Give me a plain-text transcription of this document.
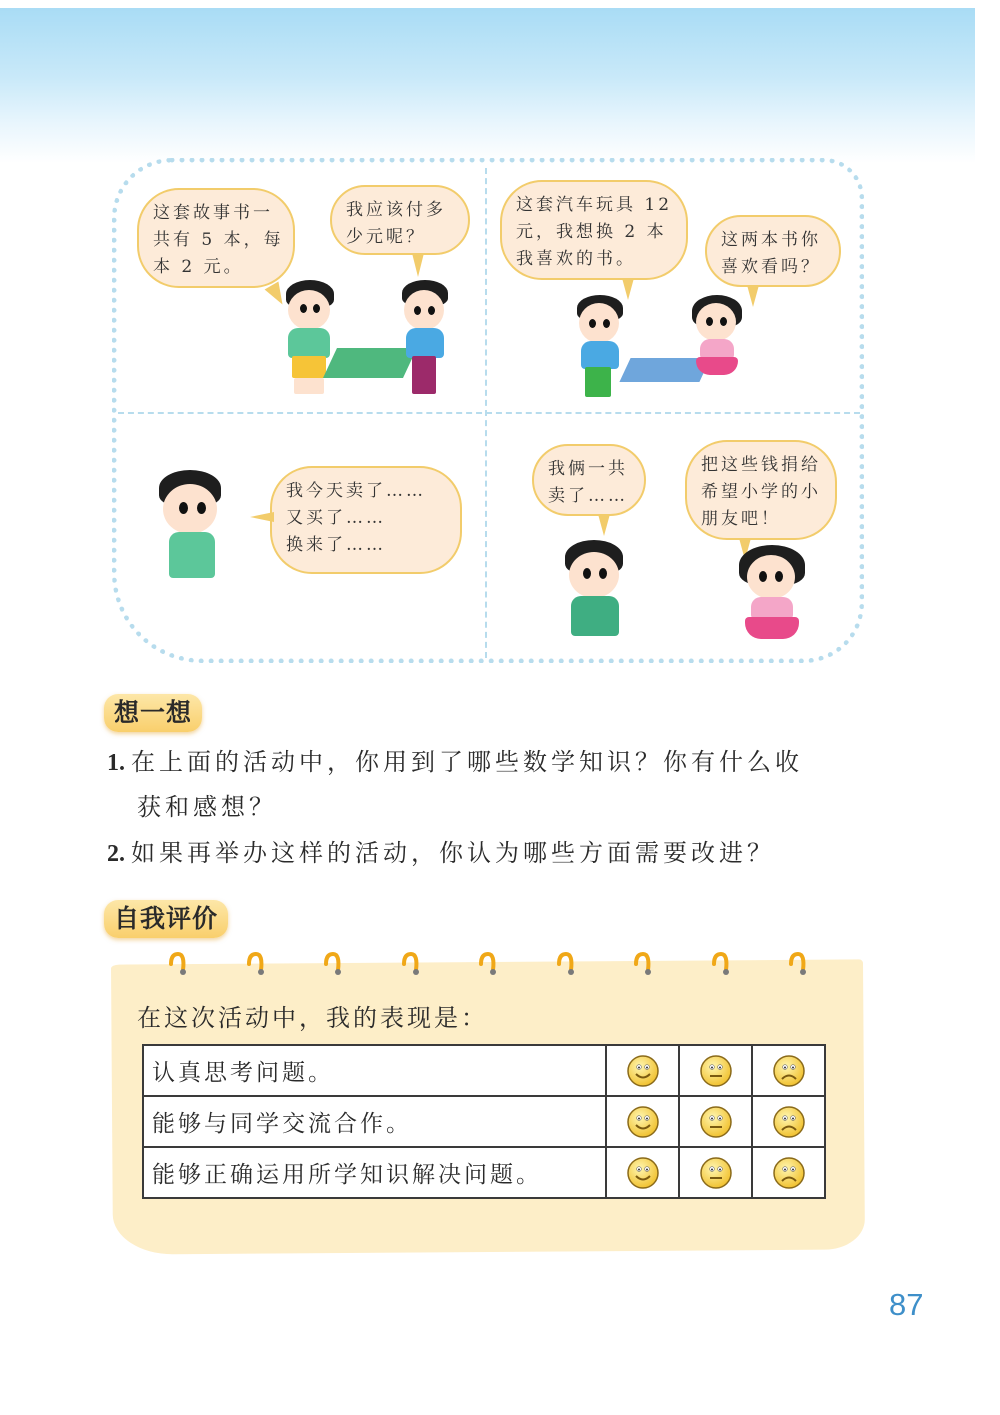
这套故事书一
共有 5 本，每
本 2 元。
我应该付多
少元呢？
这套汽车玩具 12
元，我想换 2 本
我喜欢的书。
这两本书你
喜欢看吗？
我今天卖了……
又买了……
换来了……
我俩一共
卖了……
把这些钱捐给
希望小学的小
朋友吧！
想一想
1. 在上面的活动中，你用到了哪些数学知识？你有什么收
获和感想？
2. 如果再举办这样的活动，你认为哪些方面需要改进？
自我评价
在这次活动中，我的表现是：
认真思考问题。			
能够与同学交流合作。			
能够正确运用所学知识解决问题。			
87
